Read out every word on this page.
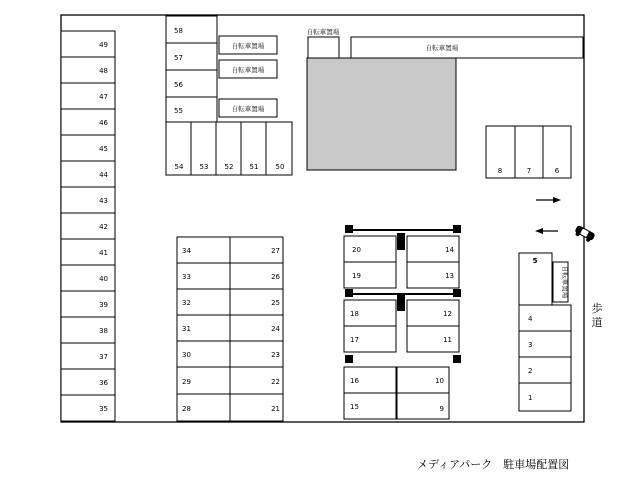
49
48
47
46
45
44
43
42
41
40
39
38
37
36
35
58
57
56
55
自転車置場
自転車置場
自転車置場
54 53 52 51 50
自転車置場
自転車置場
34
33
32
31
30
29
28
27
26
25
24
23
22
21
20
19
14
13
18
17
12
11
16
15
10
9
8	7	6
5
自転車置場
4
3
2
1
歩
道
メディアパーク　駐車場配置図
